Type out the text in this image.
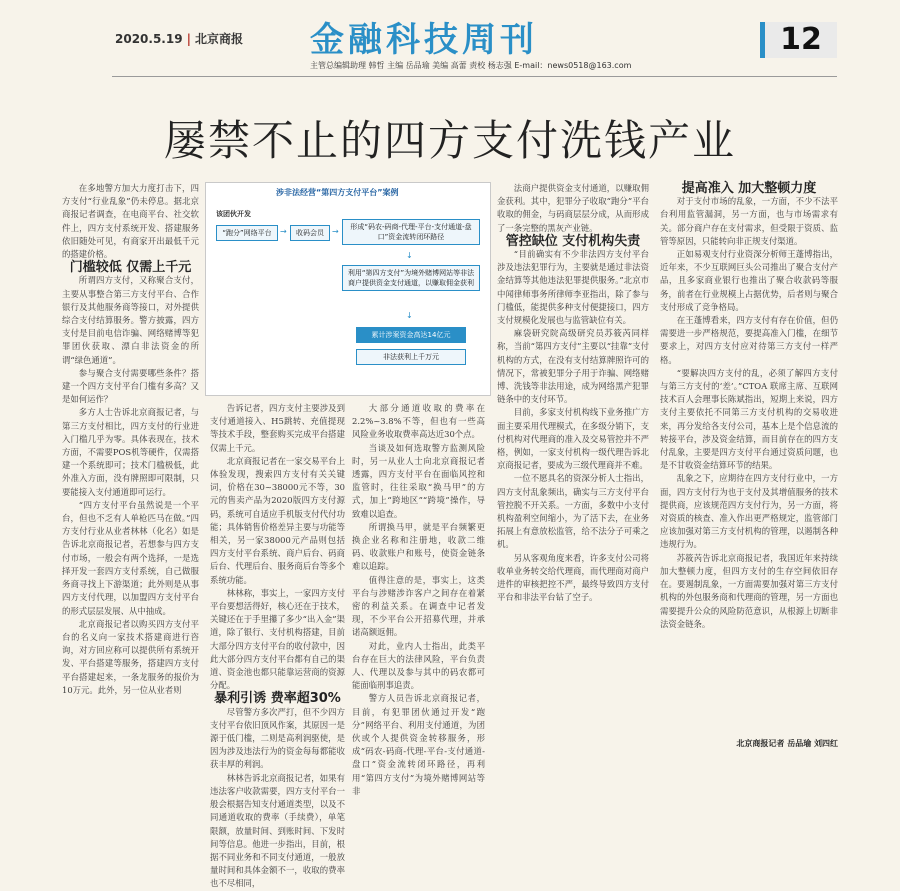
2020.5.19 | 北京商报 金融科技周刊	12
主管总编辑助理 韩哲 主编 岳品瑜 美编 高蕾 责校 杨志强 E-mail：news0518@163.com
屡禁不止的四方支付洗钱产业

在多地警方加大力度打击下，四方支付“行业乱象”仍未停息。据北京商报记者调查，在电商平台、社交软件上，四方支付系统开发、搭建服务依旧随处可见，有商家开出最低千元的搭建价格。

门槛较低 仅需上千元

所谓四方支付，又称聚合支付，主要从事整合第三方支付平台、合作银行及其他服务商等接口，对外提供综合支付结算服务。警方披露，四方支付是目前电信诈骗、网络赌博等犯罪团伙获取、漂白非法资金的所谓“绿色通道”。

参与聚合支付需要哪些条件？搭建一个四方支付平台门槛有多高？又是如何运作？

多方人士告诉北京商报记者，与第三方支付相比，四方支付的行业进入门槛几乎为零。具体表现在，技术方面，不需要POS机等硬件，仅需搭建一个系统即可；技术门槛极低，此外准入方面，没有牌照即可限制，只要能接入支付通道即可运行。

“四方支付平台虽然说是一个平台，但也不乏有人单枪匹马在做。”四方支付行业从业者林林（化名）如是告诉北京商报记者，若想参与四方支付市场，一般会有两个选择，一是选择开发一套四方支付系统，自己做服务商寻找上下游渠道；此外则是从事四方支付代理，以加盟四方支付平台的形式层层发展、从中抽成。

北京商报记者以购买四方支付平台的名义向一家技术搭建商进行咨询，对方回应称可以提供所有系统开发、平台搭建等服务，搭建四方支付平台搭建起来，一条龙服务的报价为10万元。此外，另一位从业者则

涉非法经营“第四方支付平台”案例
该团伙开发
“跑分”网络平台	→	收码会员	→	形成“码农-码商-代理-平台-支付通道-盘口”资金流转闭环路径
↓
利用“第四方支付”为境外赌博网站等非法商户提供资金支付通道，以赚取佣金获利
↓
累计涉案资金高达14亿元
非法获利上千万元

告诉记者，四方支付主要涉及到支付通道接入、H5跳转、充值提现等技术手段，整套购买完成平台搭建仅需上千元。

北京商报记者在一家交易平台上体验发现，搜索四方支付有关关键词，价格在30~38000元不等，30元的售卖产品为2020版四方支付源码，系统可自适应手机版支付代付功能；具体销售价格差异主要与功能等相关，另一家38000元产品则包括四方支付平台系统、商户后台、码商后台、代理后台、服务商后台等多个系统功能。

林林称，事实上，一家四方支付平台要想活得好，核心还在于技术，关键还在于手里攥了多少“出入金”渠道，除了银行、支付机构搭建，目前大部分四方支付平台的收付款中，因此大部分四方支付平台都有自己的渠道、资金池也都只能靠运营商的资源分配。

暴利引诱 费率超30%

尽管警方多次严打，但不少四方支付平台依旧顶风作案，其原因一是源于低门槛，二则是高利润驱使，是因为涉及违法行为的资金每每都能收获丰厚的利润。

林林告诉北京商报记者，如果有违法客户收款需要，四方支付平台一般会根据告知支付通道类型，以及不同通道收取的费率（手续费），单笔限额，放量时间、到账时间、下发时间等信息。他进一步指出，目前，根据不同业务和不同支付通道，一般放量时间和具体金额不一，收取的费率也不尽相同，

大部分通道收取的费率在2.2%~3.8%不等，但也有一些高风险业务收取费率高达近30个点。

当谈及如何选取警方监测风险时，另一从业人士向北京商报记者透露，四方支付平台在面临风控和监管时，往往采取“换马甲”的方式，加上“跨地区”“跨境”操作，导致难以追查。

所谓换马甲，就是平台频繁更换企业名称和注册地，收款二维码、收款账户和账号，使资金链条难以追踪。

值得注意的是，事实上，这类平台与涉赌涉诈客户之间存在着紧密的利益关系。在调查中记者发现，不少平台公开招募代理，并承诺高额返佣。

对此，业内人士指出，此类平台存在巨大的法律风险，平台负责人、代理以及参与其中的码农都可能面临刑事追责。

警方人员告诉北京商报记者，目前，有犯罪团伙通过开发“跑分”网络平台、利用支付通道，为团伙或个人提供资金转移服务，形成“码农-码商-代理-平台-支付通道-盘口”资金流转闭环路径，再利用“第四方支付”为境外赌博网站等非

法商户提供资金支付通道，以赚取佣金获利。其中，犯罪分子收取“跑分”平台收取的佣金，与码商层层分成，从而形成了一条完整的黑灰产业链。

管控缺位 支付机构失责

“目前确实有不少非法四方支付平台涉及违法犯罪行为，主要就是通过非法资金结算等其他违法犯罪提供服务。”北京市中闻律师事务所律师李亚指出，除了参与门槛低，能提供多种支付便捷接口，四方支付规模化发展也与监管缺位有关。

麻袋研究院高级研究员苏筱芮同样称，当前“第四方支付”主要以“挂靠”支付机构的方式，在没有支付结算牌照许可的情况下，常被犯罪分子用于诈骗、网络赌博、洗钱等非法用途，成为网络黑产犯罪链条中的支付环节。

目前，多家支付机构线下业务推广方面主要采用代理模式，在多级分销下，支付机构对代理商的准入及交易管控并不严格，例如，一家支付机构一级代理告诉北京商报记者，要成为三级代理商并不难。

一位不愿具名的资深分析人士指出，四方支付乱象频出，确实与三方支付平台管控脱不开关系。一方面，多数中小支付机构盈利空间缩小，为了活下去，在业务拓展上有意放松监管，给不法分子可乘之机。

另从客观角度来看，许多支付公司将收单业务转交给代理商，而代理商对商户进件的审核把控不严，最终导致四方支付平台和非法平台钻了空子。

提高准入 加大整顿力度

对于支付市场的乱象，一方面，不少不法平台利用监管漏洞，另一方面，也与市场需求有关。部分商户存在支付需求，但受限于资质、监管等原因，只能转向非正规支付渠道。

正如易观支付行业资深分析师王蓬博指出，近年来，不少互联网巨头公司推出了聚合支付产品，且多家商业银行也推出了聚合收款码等服务，前者在行业规模上占据优势，后者则与聚合支付形成了竞争格局。

在王蓬博看来，四方支付有存在价值，但仍需要进一步严格规范，要提高准入门槛，在细节要求上，对四方支付应对待第三方支付一样严格。

“要解决四方支付的乱，必须了解四方支付与第三方支付的‘差’。”CTOA 联席主席、互联网技术百人会理事长陈斌指出，短期上来说，四方支付主要依托不同第三方支付机构的交易收进来，再分发给各支付公司，基本上是个信息流的转接平台，涉及资金结算，而目前存在的四方支付乱象，主要是四方支付平台通过资质问题，也是不甘收资金结算环节的结果。

乱象之下，应期待在四方支付行业中，一方面，四方支付行为也于支付及其增值服务的技术提供商，应该规范四方支付行为，另一方面，将对资质的核查、准入作出更严格规定，监管部门应该加强对第三方支付机构的管理，以遏制各种违规行为。

苏筱芮告诉北京商报记者，我国近年来持续加大整顿力度，但四方支付的生存空间依旧存在。要遏制乱象，一方面需要加强对第三方支付机构的外包服务商和代理商的管理，另一方面也需要提升公众的风险防范意识，从根源上切断非法资金链条。

北京商报记者 岳品瑜 刘四红
